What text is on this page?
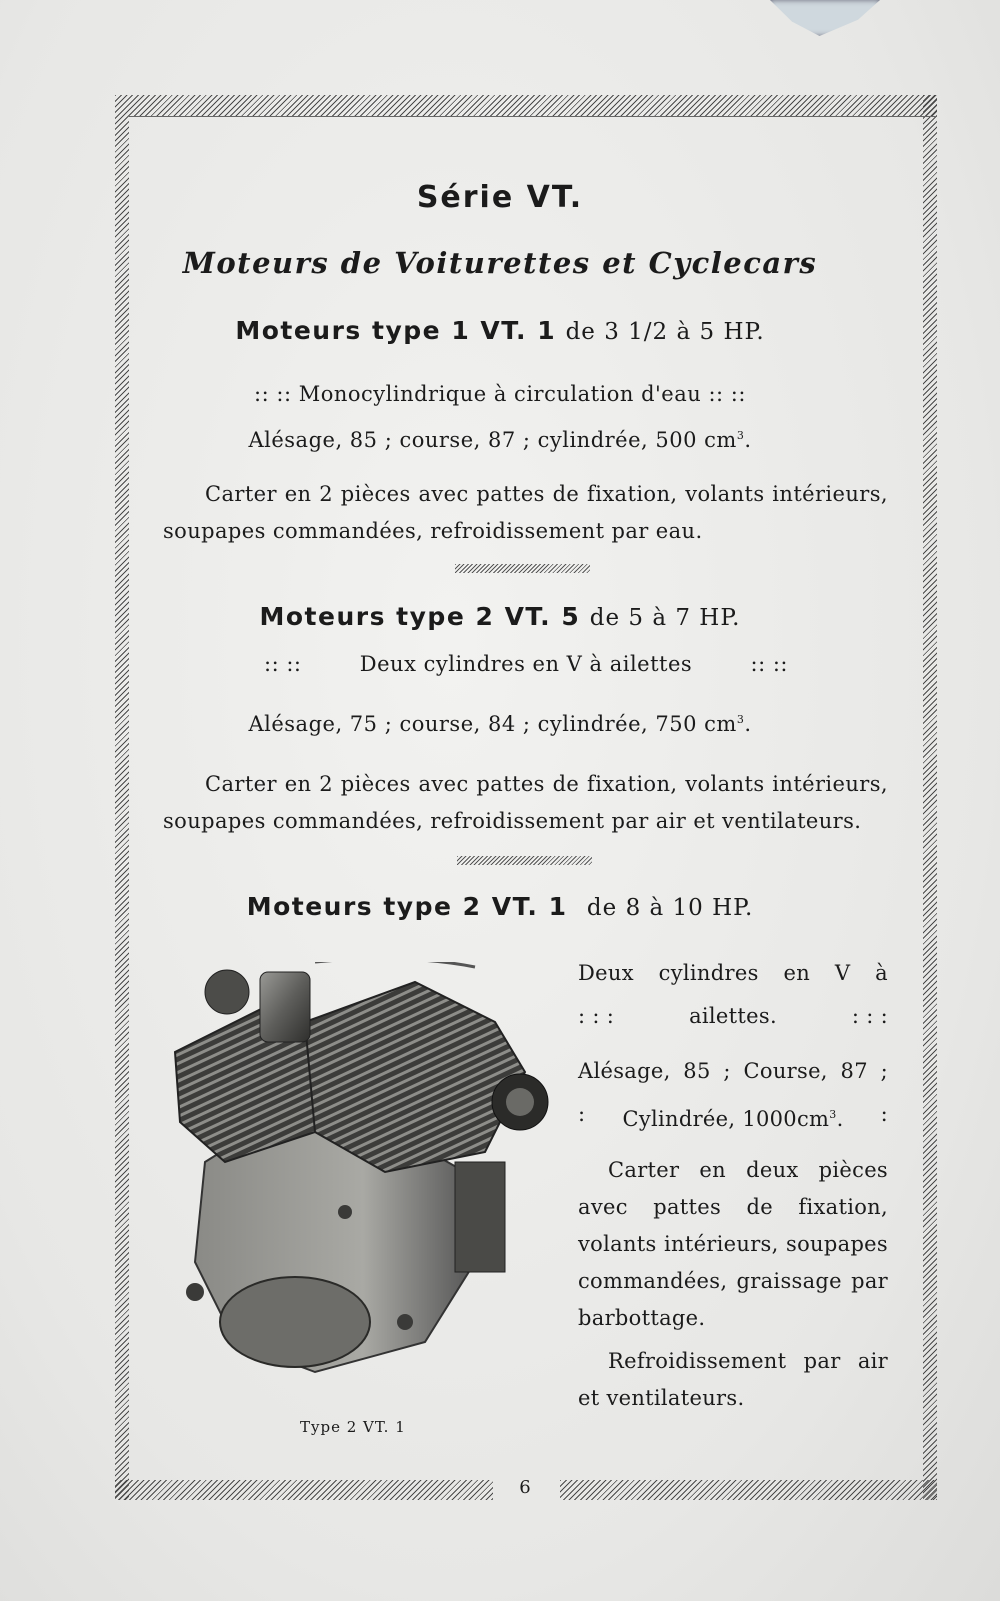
Série VT.
Moteurs de Voiturettes et Cyclecars
Moteurs type 1 VT. 1 de 3 1/2 à 5 HP.
:: :: Monocylindrique à circulation d'eau :: ::
Alésage, 85 ; course, 87 ; cylindrée, 500 $cm^3$.
Carter en 2 pièces avec pattes de fixation, volants intérieurs, soupapes commandées, refroidissement par eau.
Moteurs type 2 VT. 5 de 5 à 7 HP.
:: ::	Deux cylindres en V à ailettes	:: ::
Alésage, 75 ; course, 84 ; cylindrée, 750 $cm^3$.
Carter en 2 pièces avec pattes de fixation, volants intérieurs, soupapes commandées, refroidissement par air et ventilateurs.
Moteurs type 2 VT. 1 de 8 à 10 HP.
Deux cylindres en V à
: : :	ailettes.	: : :
Alésage, 85 ; Course, 87 ;
: Cylindrée, $1000cm^3$. :
Carter en deux pièces avec pattes de fixation, volants intérieurs, soupapes commandées, graissage par barbottage.
Refroidissement par air et ventilateurs.
Type 2 VT. 1
6
